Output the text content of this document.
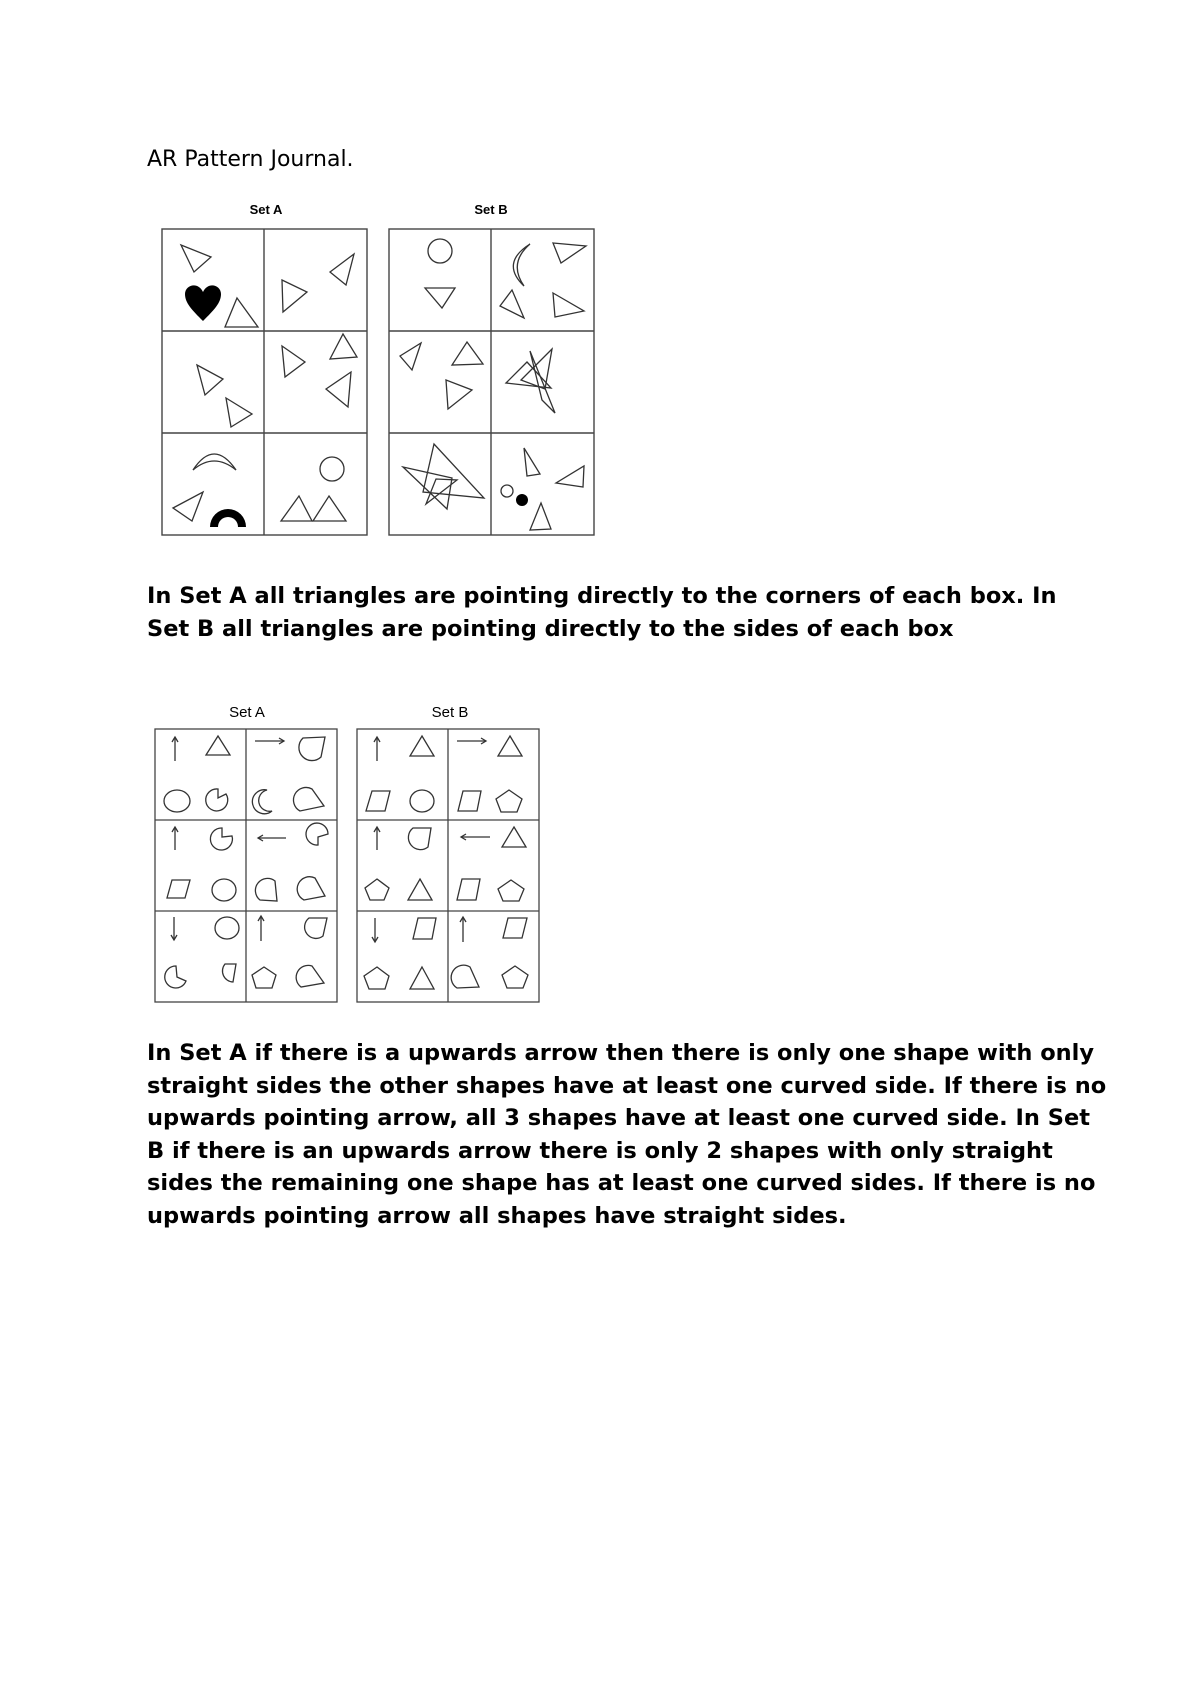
AR Pattern Journal.
Set A	Set B
In Set A all triangles are pointing directly to the corners of each box. In Set B all triangles are pointing directly to the sides of each box
Set A	Set B
In Set A if there is a upwards arrow then there is only one shape with only straight sides the other shapes have at least one curved side. If there is no upwards pointing arrow, all 3 shapes have at least one curved side. In Set B if there is an upwards arrow there is only 2 shapes with only straight sides the remaining one shape has at least one curved sides. If there is no upwards pointing arrow all shapes have straight sides.
